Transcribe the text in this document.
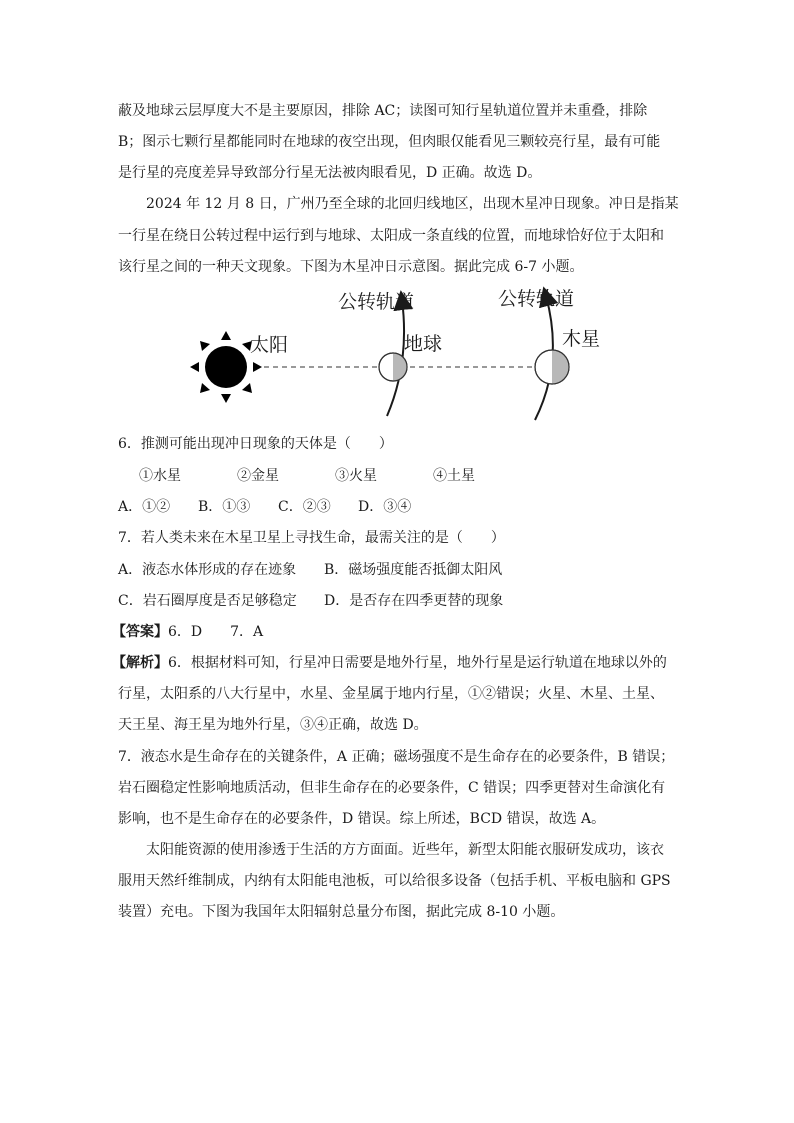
蔽及地球云层厚度大不是主要原因，排除 AC；读图可知行星轨道位置并未重叠，排除
B；图示七颗行星都能同时在地球的夜空出现，但肉眼仅能看见三颗较亮行星，最有可能
是行星的亮度差异导致部分行星无法被肉眼看见，D 正确。故选 D。
2024 年 12 月 8 日，广州乃至全球的北回归线地区，出现木星冲日现象。冲日是指某
一行星在绕日公转过程中运行到与地球、太阳成一条直线的位置，而地球恰好位于太阳和
该行星之间的一种天文现象。下图为木星冲日示意图。据此完成 6-7 小题。
太阳	地球	木星
公转轨道	公转轨道
6．推测可能出现冲日现象的天体是（　　）
①水星	②金星	③火星	④土星
A．①② B．①③ C．②③ D．③④
7．若人类未来在木星卫星上寻找生命，最需关注的是（　　）
A．液态水体形成的存在迹象 B．磁场强度能否抵御太阳风
C．岩石圈厚度是否足够稳定 D．是否存在四季更替的现象
【答案】6．D　　7．A
【解析】6．根据材料可知，行星冲日需要是地外行星，地外行星是运行轨道在地球以外的
行星，太阳系的八大行星中，水星、金星属于地内行星，①②错误；火星、木星、土星、
天王星、海王星为地外行星，③④正确，故选 D。
7．液态水是生命存在的关键条件，A 正确；磁场强度不是生命存在的必要条件，B 错误；
岩石圈稳定性影响地质活动，但非生命存在的必要条件，C 错误；四季更替对生命演化有
影响，也不是生命存在的必要条件，D 错误。综上所述，BCD 错误，故选 A。
太阳能资源的使用渗透于生活的方方面面。近些年，新型太阳能衣服研发成功，该衣
服用天然纤维制成，内纳有太阳能电池板，可以给很多设备（包括手机、平板电脑和 GPS
装置）充电。下图为我国年太阳辐射总量分布图，据此完成 8-10 小题。
